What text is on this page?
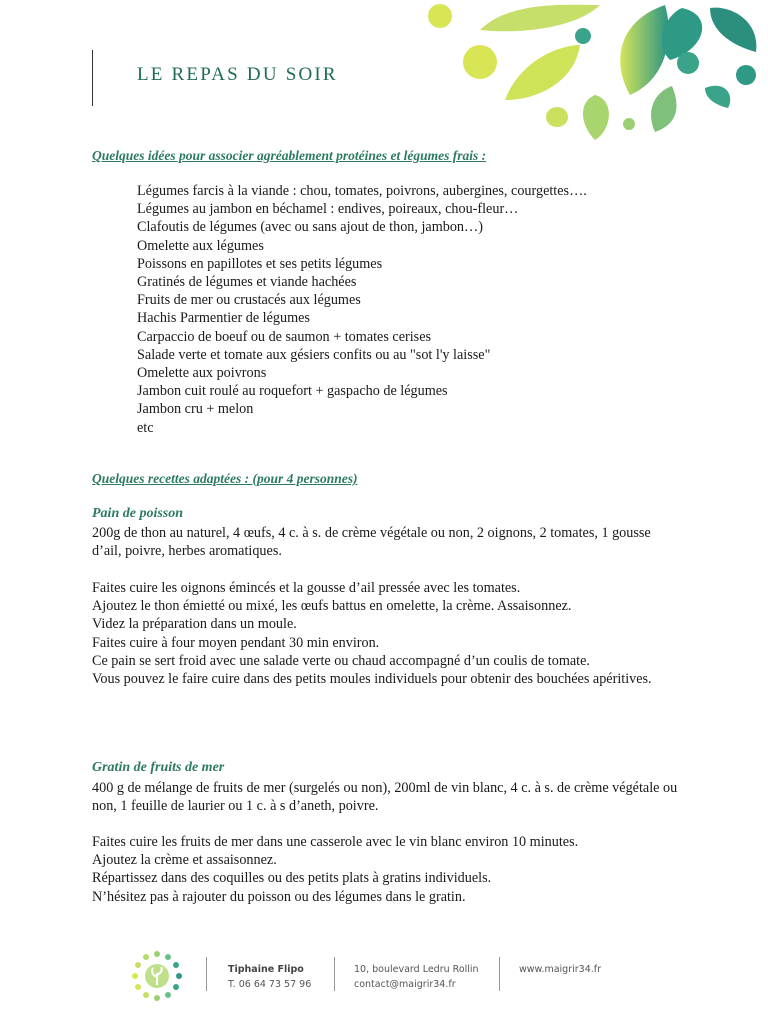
LE REPAS DU SOIR
Quelques idées pour associer agréablement protéines et légumes frais :
Légumes farcis à la viande : chou, tomates, poivrons, aubergines, courgettes….
Légumes au jambon en béchamel : endives, poireaux, chou-fleur…
Clafoutis de légumes (avec ou sans ajout de thon, jambon…)
Omelette aux légumes
Poissons en papillotes et ses petits légumes
Gratinés de légumes et viande hachées
Fruits de mer ou crustacés aux légumes
Hachis Parmentier de légumes
Carpaccio de boeuf ou de saumon + tomates cerises
Salade verte et tomate aux gésiers confits ou au "sot l'y laisse"
Omelette aux poivrons
Jambon cuit roulé au roquefort + gaspacho de légumes
Jambon cru + melon
etc
Quelques recettes adaptées : (pour 4 personnes)
Pain de poisson

200g de thon au naturel, 4 œufs, 4 c. à s. de crème végétale ou non, 2 oignons, 2 tomates, 1 gousse d’ail, poivre, herbes aromatiques.

Faites cuire les oignons émincés et la gousse d’ail pressée avec les tomates.
Ajoutez le thon émietté ou mixé, les œufs battus en omelette, la crème. Assaisonnez.
Videz la préparation dans un moule.
Faites cuire à four moyen pendant 30 min environ.
Ce pain se sert froid avec une salade verte ou chaud accompagné d’un coulis de tomate.
Vous pouvez le faire cuire dans des petits moules individuels pour obtenir des bouchées apéritives.
Gratin de fruits de mer

400 g de mélange de fruits de mer (surgelés ou non), 200ml de vin blanc, 4 c. à s. de crème végétale ou non, 1 feuille de laurier ou 1 c. à s d’aneth, poivre.

Faites cuire les fruits de mer dans une casserole avec le vin blanc environ 10 minutes.
Ajoutez la crème et assaisonnez.
Répartissez dans des coquilles ou des petits plats à gratins individuels.
N’hésitez pas à rajouter du poisson ou des légumes dans le gratin.
Tiphaine Flipo
T. 06 64 73 57 96
10, boulevard Ledru Rollin
contact@maigrir34.fr
www.maigrir34.fr
